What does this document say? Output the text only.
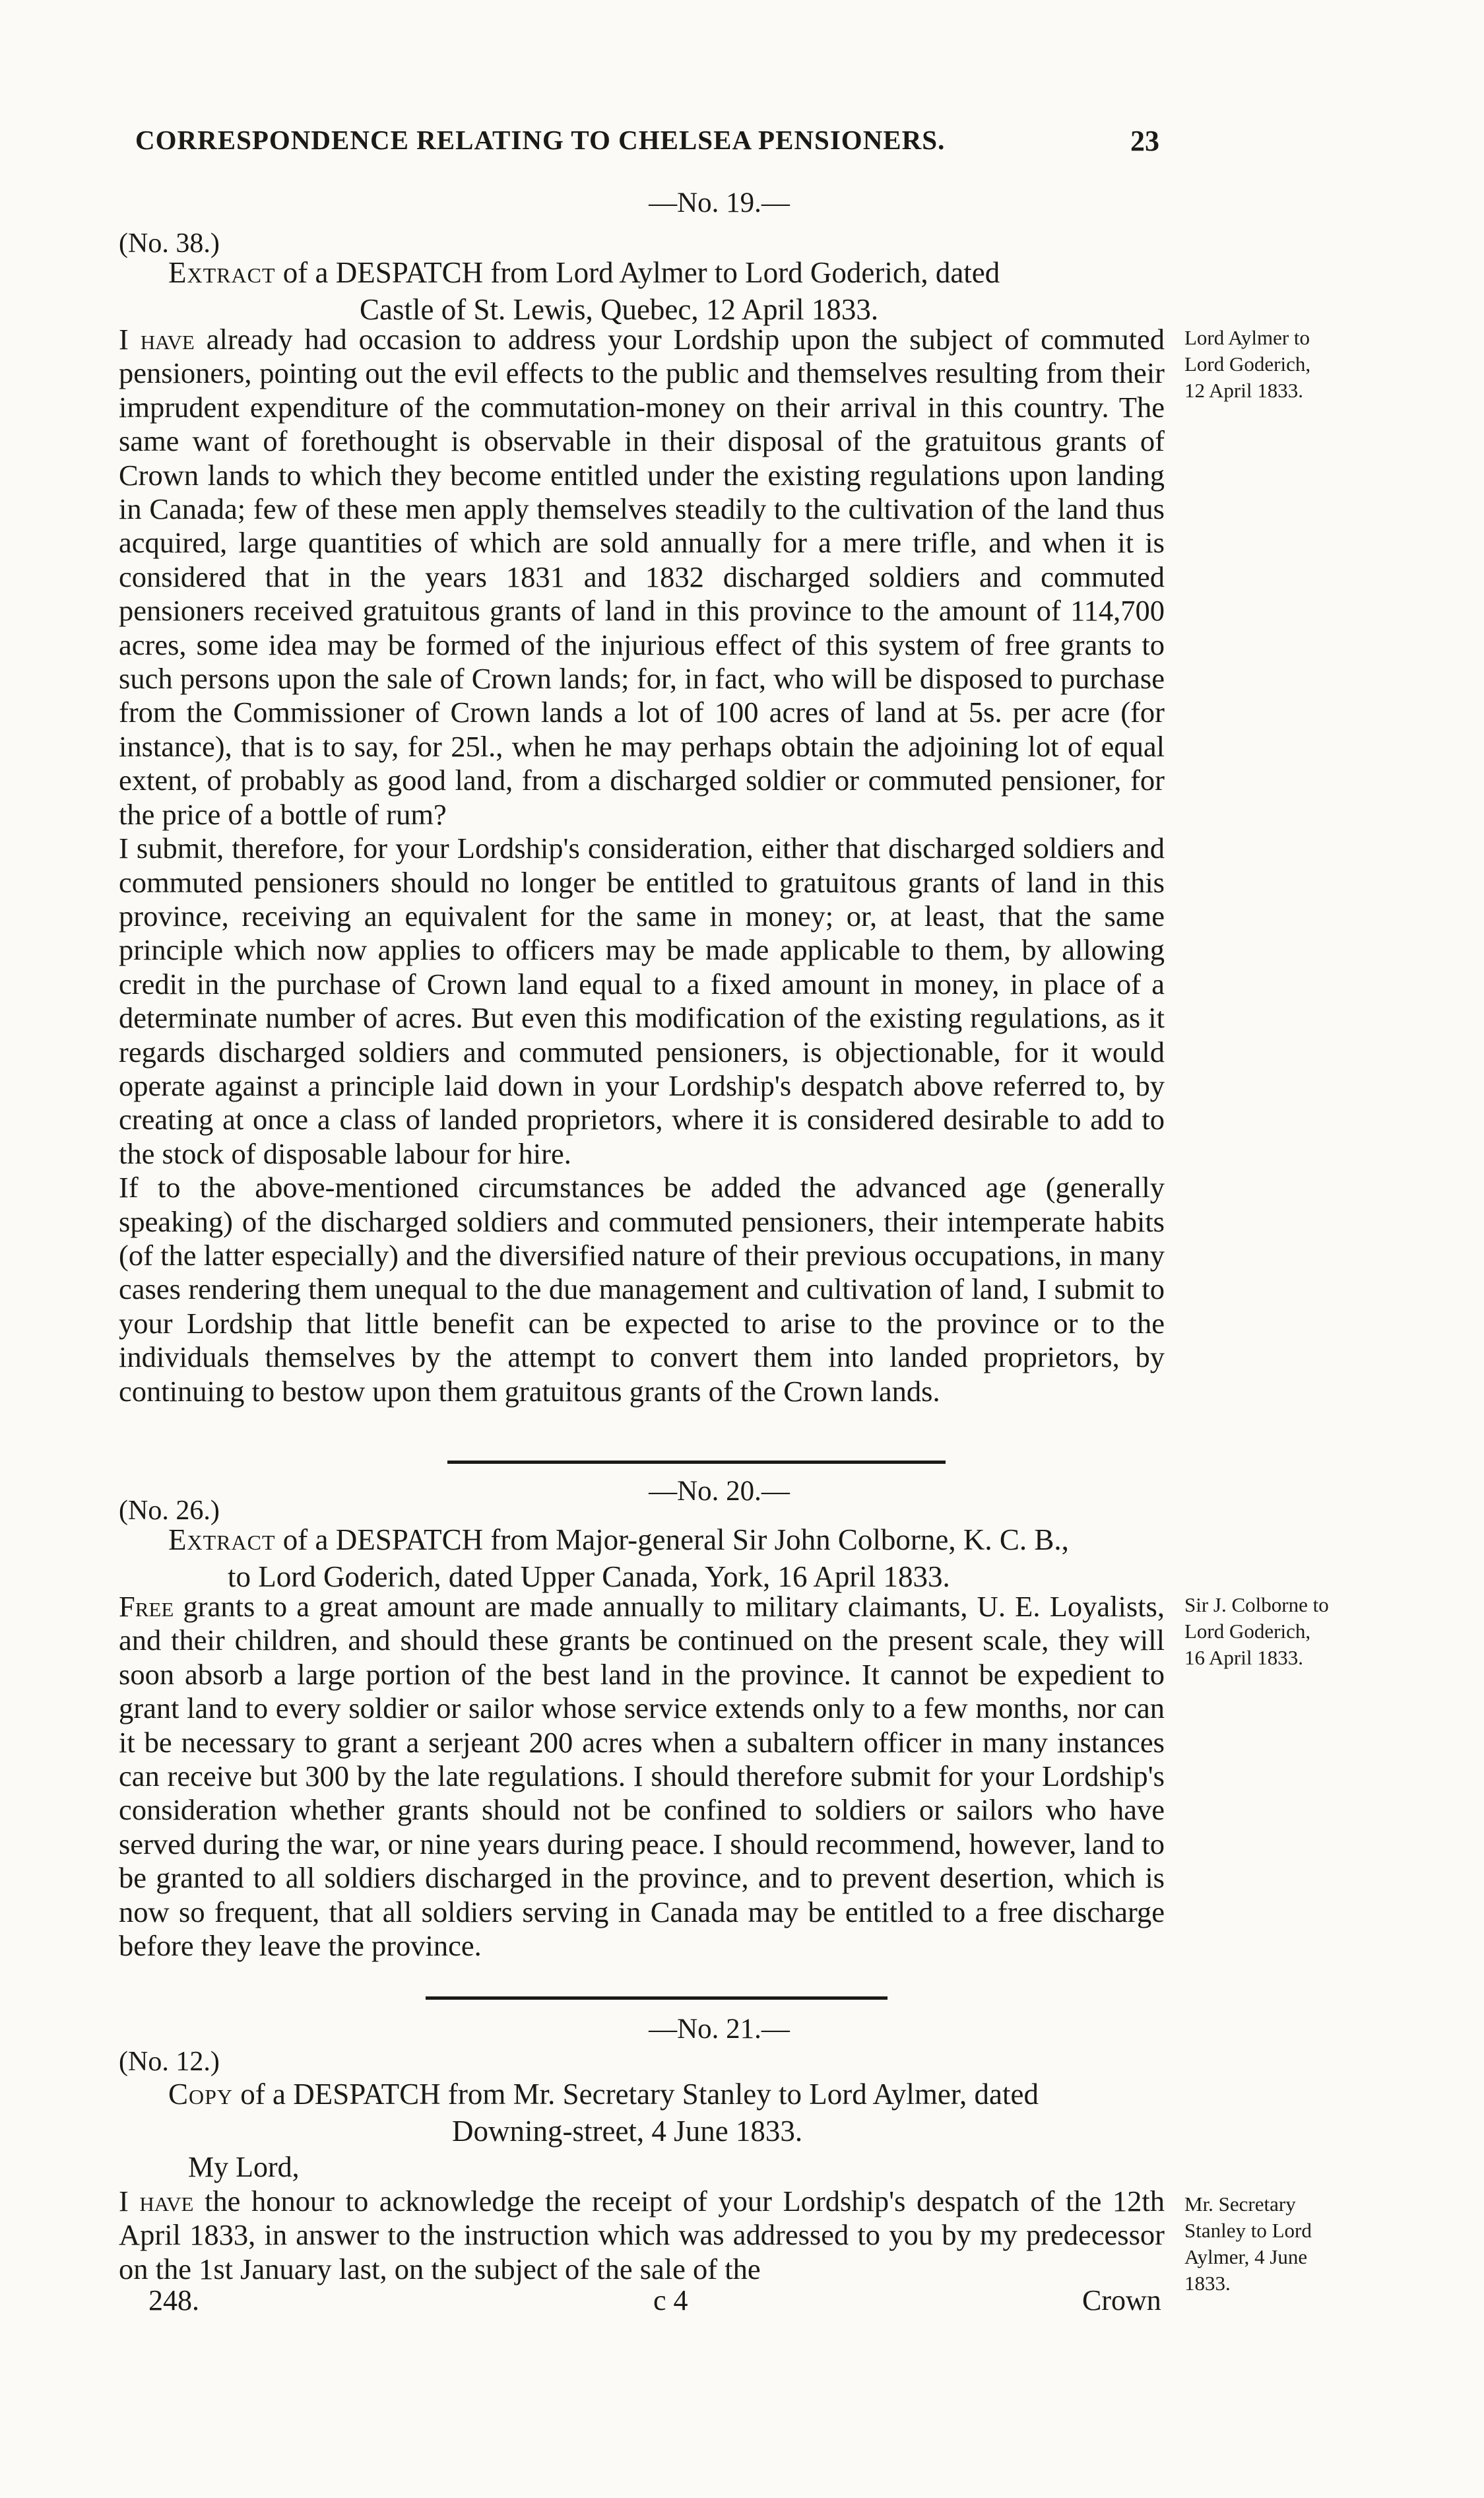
CORRESPONDENCE RELATING TO CHELSEA PENSIONERS.	23
—No. 19.—
(No. 38.)
Extract of a DESPATCH from Lord Aylmer to Lord Goderich, dated
Castle of St. Lewis, Quebec, 12 April 1833.
Lord Aylmer to
Lord Goderich,
12 April 1833.

I have already had occasion to address your Lordship upon the subject of commuted pensioners, pointing out the evil effects to the public and themselves resulting from their imprudent expenditure of the commutation-money on their arrival in this country. The same want of forethought is observable in their disposal of the gratuitous grants of Crown lands to which they become entitled under the existing regulations upon landing in Canada; few of these men apply themselves steadily to the cultivation of the land thus acquired, large quantities of which are sold annually for a mere trifle, and when it is considered that in the years 1831 and 1832 discharged soldiers and commuted pensioners received gratuitous grants of land in this province to the amount of 114,700 acres, some idea may be formed of the injurious effect of this system of free grants to such persons upon the sale of Crown lands; for, in fact, who will be disposed to purchase from the Commissioner of Crown lands a lot of 100 acres of land at 5s. per acre (for instance), that is to say, for 25l., when he may perhaps obtain the adjoining lot of equal extent, of probably as good land, from a discharged soldier or commuted pensioner, for the price of a bottle of rum?

I submit, therefore, for your Lordship's consideration, either that discharged soldiers and commuted pensioners should no longer be entitled to gratuitous grants of land in this province, receiving an equivalent for the same in money; or, at least, that the same principle which now applies to officers may be made applicable to them, by allowing credit in the purchase of Crown land equal to a fixed amount in money, in place of a determinate number of acres. But even this modification of the existing regulations, as it regards discharged soldiers and commuted pensioners, is objectionable, for it would operate against a principle laid down in your Lordship's despatch above referred to, by creating at once a class of landed proprietors, where it is considered desirable to add to the stock of disposable labour for hire.

If to the above-mentioned circumstances be added the advanced age (generally speaking) of the discharged soldiers and commuted pensioners, their intemperate habits (of the latter especially) and the diversified nature of their previous occupations, in many cases rendering them unequal to the due management and cultivation of land, I submit to your Lordship that little benefit can be expected to arise to the province or to the individuals themselves by the attempt to convert them into landed proprietors, by continuing to bestow upon them gratuitous grants of the Crown lands.

—No. 20.—
(No. 26.)
Extract of a DESPATCH from Major-general Sir John Colborne, K. C. B.,
to Lord Goderich, dated Upper Canada, York, 16 April 1833.
Sir J. Colborne to
Lord Goderich,
16 April 1833.

Free grants to a great amount are made annually to military claimants, U. E. Loyalists, and their children, and should these grants be continued on the present scale, they will soon absorb a large portion of the best land in the province. It cannot be expedient to grant land to every soldier or sailor whose service extends only to a few months, nor can it be necessary to grant a serjeant 200 acres when a subaltern officer in many instances can receive but 300 by the late regulations. I should therefore submit for your Lordship's consideration whether grants should not be confined to soldiers or sailors who have served during the war, or nine years during peace. I should recommend, however, land to be granted to all soldiers discharged in the province, and to prevent desertion, which is now so frequent, that all soldiers serving in Canada may be entitled to a free discharge before they leave the province.

—No. 21.—
(No. 12.)
Copy of a DESPATCH from Mr. Secretary Stanley to Lord Aylmer, dated
Downing-street, 4 June 1833.
My Lord,
Mr. Secretary
Stanley to Lord
Aylmer, 4 June
1833.

I have the honour to acknowledge the receipt of your Lordship's despatch of the 12th April 1833, in answer to the instruction which was addressed to you by my predecessor on the 1st January last, on the subject of the sale of the

248.	c 4	Crown
